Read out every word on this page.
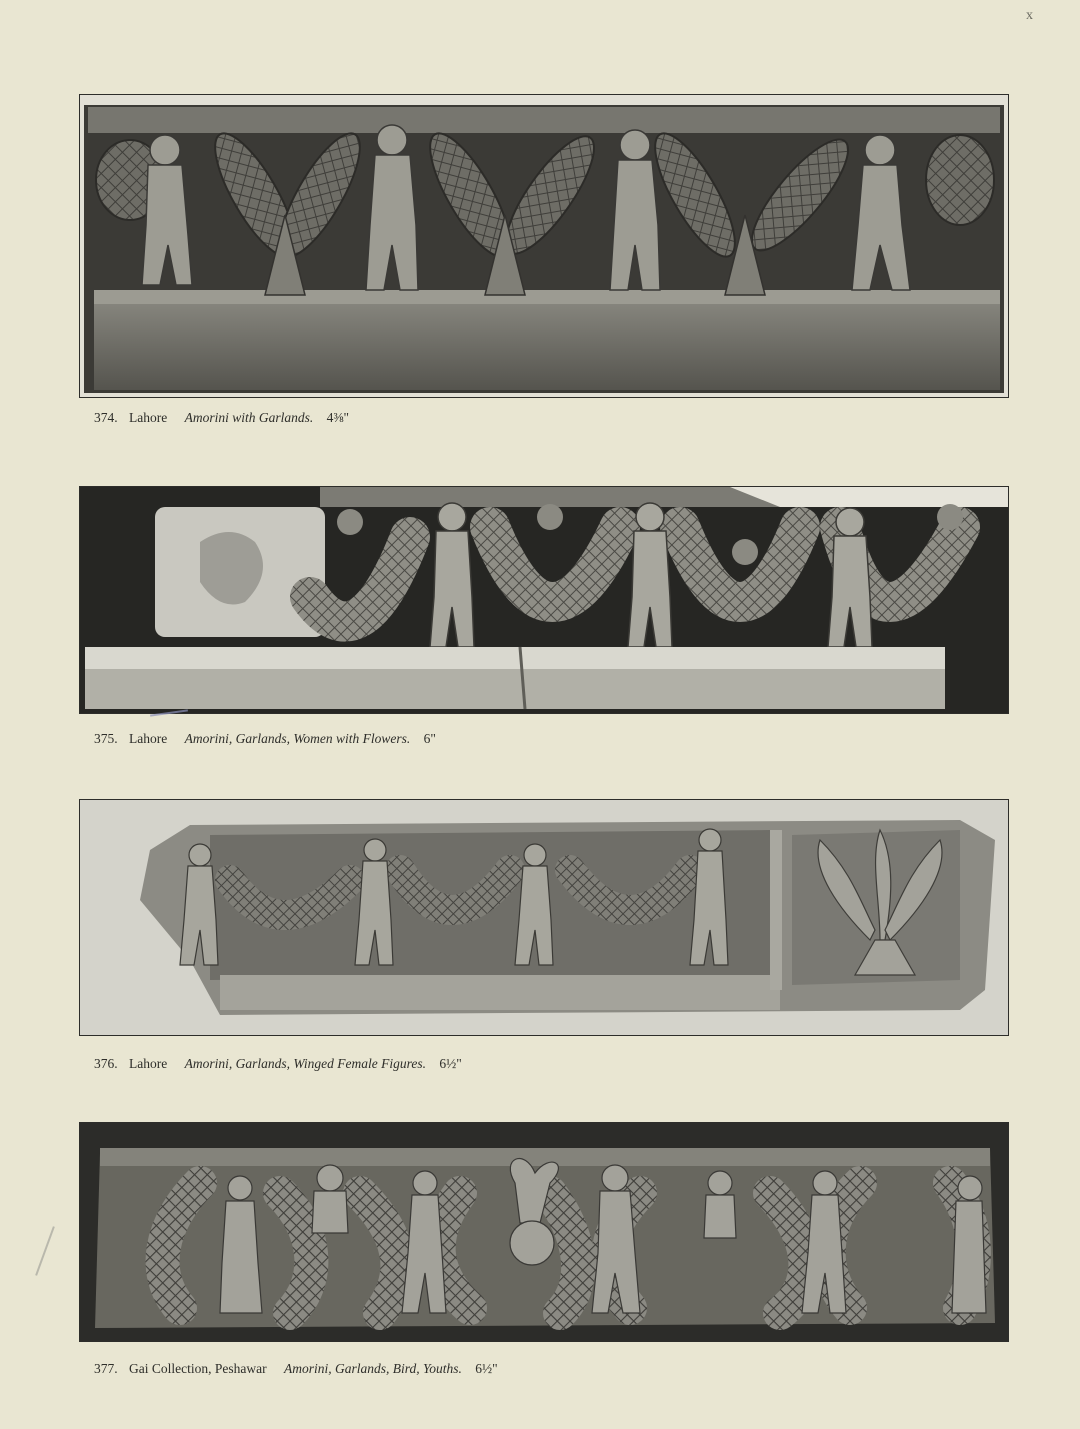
x
374. Lahore Amorini with Garlands. 4⅜"
375. Lahore Amorini, Garlands, Women with Flowers. 6"
376. Lahore Amorini, Garlands, Winged Female Figures. 6½"
377. Gai Collection, Peshawar Amorini, Garlands, Bird, Youths. 6½"
